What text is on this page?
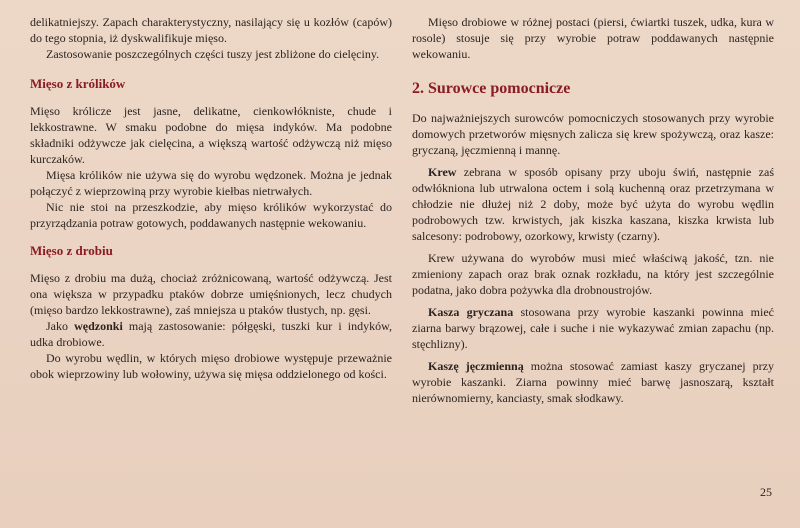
delikatniejszy. Zapach charakterystyczny, nasilający się u kozłów (capów) do tego stopnia, iż dyskwalifikuje mięso.

Zastosowanie poszczególnych części tuszy jest zbliżone do cielęciny.

Mięso z królików

Mięso królicze jest jasne, delikatne, cienkowłókniste, chude i lekkostrawne. W smaku podobne do mięsa indyków. Ma podobne składniki odżywcze jak cielęcina, a większą wartość odżywczą niż mięso kurczaków.

Mięsa królików nie używa się do wyrobu wędzonek. Można je jednak połączyć z wieprzowiną przy wyrobie kiełbas nietrwałych.

Nic nie stoi na przeszkodzie, aby mięso królików wykorzystać do przyrządzania potraw gotowych, poddawanych następnie wekowaniu.

Mięso z drobiu

Mięso z drobiu ma dużą, chociaż zróżnicowaną, wartość odżywczą. Jest ona większa w przypadku ptaków dobrze umięśnionych, lecz chudych (mięso bardzo lekkostrawne), zaś mniejsza u ptaków tłustych, np. gęsi.

Jako wędzonki mają zastosowanie: półgęski, tuszki kur i indyków, udka drobiowe.

Do wyrobu wędlin, w których mięso drobiowe występuje przeważnie obok wieprzowiny lub wołowiny, używa się mięsa oddzielonego od kości.

Mięso drobiowe w różnej postaci (piersi, ćwiartki tuszek, udka, kura w rosole) stosuje się przy wyrobie potraw poddawanych następnie wekowaniu.

2. Surowce pomocnicze

Do najważniejszych surowców pomocniczych stosowanych przy wyrobie domowych przetworów mięsnych zalicza się krew spożywczą, oraz kasze: gryczaną, jęczmienną i mannę.

Krew zebrana w sposób opisany przy uboju świń, następnie zaś odwłókniona lub utrwalona octem i solą kuchenną oraz przetrzymana w chłodzie nie dłużej niż 2 doby, może być użyta do wyrobu wędlin podrobowych tzw. krwistych, jak kiszka kaszana, kiszka krwista lub salcesony: podrobowy, ozorkowy, krwisty (czarny).

Krew używana do wyrobów musi mieć właściwą jakość, tzn. nie zmieniony zapach oraz brak oznak rozkładu, na który jest szczególnie podatna, jako dobra pożywka dla drobnoustrojów.

Kasza gryczana stosowana przy wyrobie kaszanki powinna mieć ziarna barwy brązowej, całe i suche i nie wykazywać zmian zapachu (np. stęchlizny).

Kaszę jęczmienną można stosować zamiast kaszy gryczanej przy wyrobie kaszanki. Ziarna powinny mieć barwę jasnoszarą, kształt nierównomierny, kanciasty, smak słodkawy.

25
